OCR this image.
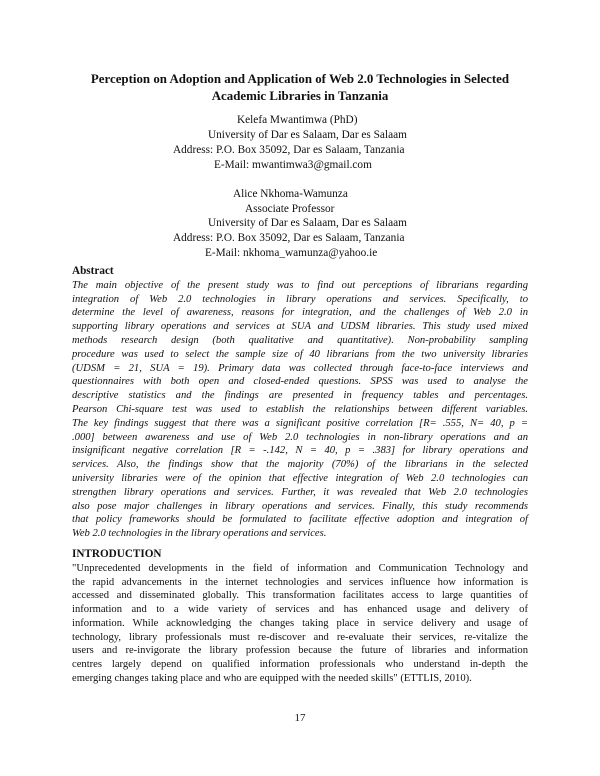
Perception on Adoption and Application of Web 2.0 Technologies in Selected
Academic Libraries in Tanzania
Kelefa Mwantimwa (PhD)
University of Dar es Salaam, Dar es Salaam
Address: P.O. Box 35092, Dar es Salaam, Tanzania
E-Mail: mwantimwa3@gmail.com
Alice Nkhoma-Wamunza
Associate Professor
University of Dar es Salaam, Dar es Salaam
Address: P.O. Box 35092, Dar es Salaam, Tanzania
E-Mail: nkhoma_wamunza@yahoo.ie
Abstract
The main objective of the present study was to find out perceptions of librarians regarding
integration of Web 2.0 technologies in library operations and services. Specifically, to
determine the level of awareness, reasons for integration, and the challenges of Web 2.0 in
supporting library operations and services at SUA and UDSM libraries. This study used mixed
methods research design (both qualitative and quantitative). Non-probability sampling
procedure was used to select the sample size of 40 librarians from the two university libraries
(UDSM = 21, SUA = 19). Primary data was collected through face-to-face interviews and
questionnaires with both open and closed-ended questions. SPSS was used to analyse the
descriptive statistics and the findings are presented in frequency tables and percentages.
Pearson Chi-square test was used to establish the relationships between different variables.
The key findings suggest that there was a significant positive correlation [R= .555, N= 40, p =
.000] between awareness and use of Web 2.0 technologies in non-library operations and an
insignificant negative correlation [R = -.142, N = 40, p = .383] for library operations and
services. Also, the findings show that the majority (70%) of the librarians in the selected
university libraries were of the opinion that effective integration of Web 2.0 technologies can
strengthen library operations and services. Further, it was revealed that Web 2.0 technologies
also pose major challenges in library operations and services. Finally, this study recommends
that policy frameworks should be formulated to facilitate effective adoption and integration of
Web 2.0 technologies in the library operations and services.
INTRODUCTION
"Unprecedented developments in the field of information and Communication Technology and
the rapid advancements in the internet technologies and services influence how information is
accessed and disseminated globally. This transformation facilitates access to large quantities of
information and to a wide variety of services and has enhanced usage and delivery of
information. While acknowledging the changes taking place in service delivery and usage of
technology, library professionals must re-discover and re-evaluate their services, re-vitalize the
users and re-invigorate the library profession because the future of libraries and information
centres largely depend on qualified information professionals who understand in-depth the
emerging changes taking place and who are equipped with the needed skills" (ETTLIS, 2010).
17
